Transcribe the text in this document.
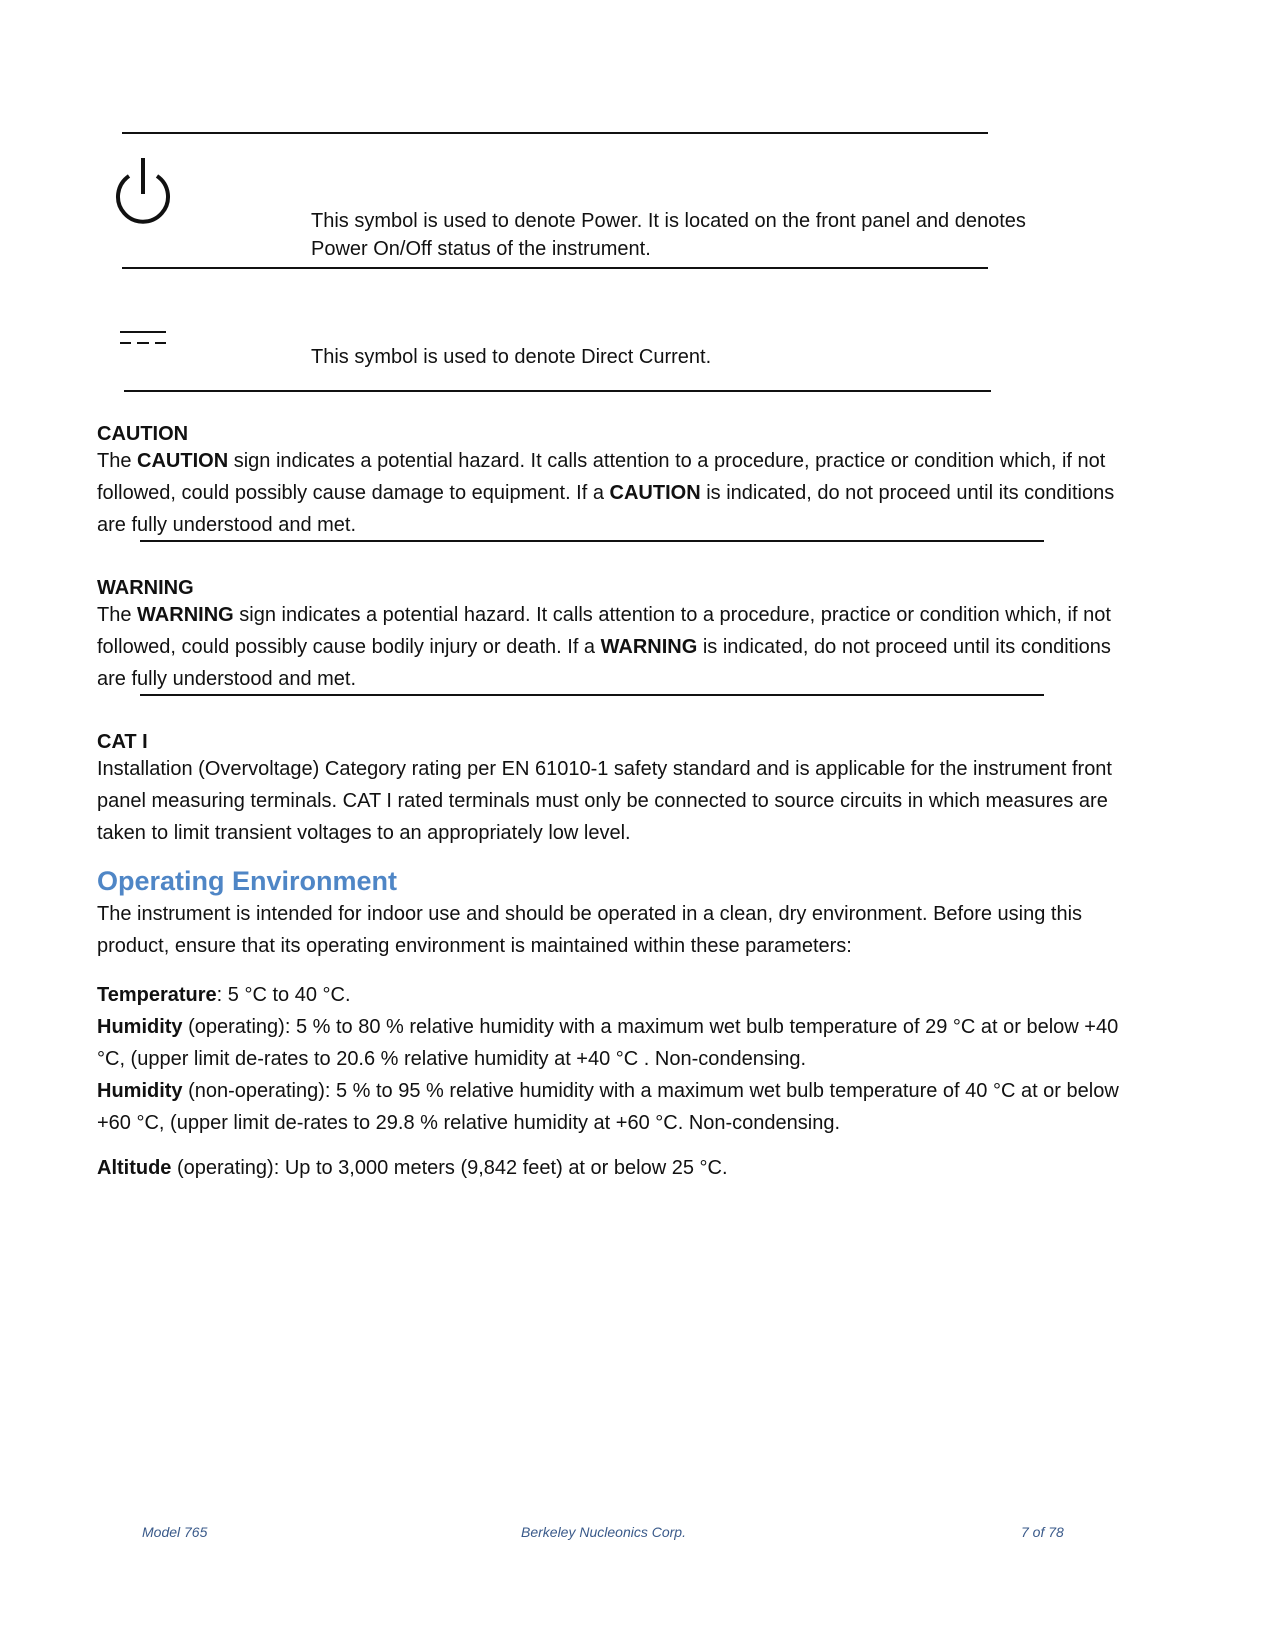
This symbol is used to denote Power. It is located on the front panel and denotes
Power On/Off status of the instrument.
This symbol is used to denote Direct Current.
CAUTION
The CAUTION sign indicates a potential hazard. It calls attention to a procedure, practice or condition which, if not followed, could possibly cause damage to equipment. If a CAUTION is indicated, do not proceed until its conditions are fully understood and met.
WARNING
The WARNING sign indicates a potential hazard. It calls attention to a procedure, practice or condition which, if not followed, could possibly cause bodily injury or death. If a WARNING is indicated, do not proceed until its conditions are fully understood and met.
CAT I
Installation (Overvoltage) Category rating per EN 61010-1 safety standard and is applicable for the instrument front panel measuring terminals. CAT I rated terminals must only be connected to source circuits in which measures are taken to limit transient voltages to an appropriately low level.
Operating Environment
The instrument is intended for indoor use and should be operated in a clean, dry environment. Before using this product, ensure that its operating environment is maintained within these parameters:
Temperature: 5 °C to 40 °C.
Humidity (operating): 5 % to 80 % relative humidity with a maximum wet bulb temperature of 29 °C at or below +40 °C, (upper limit de-rates to 20.6 % relative humidity at +40 °C . Non-condensing.
Humidity (non-operating): 5 % to 95 % relative humidity with a maximum wet bulb temperature of 40 °C at or below +60 °C, (upper limit de-rates to 29.8 % relative humidity at +60 °C. Non-condensing.
Altitude (operating): Up to 3,000 meters (9,842 feet) at or below 25 °C.
Model 765	Berkeley Nucleonics Corp.	7 of 78
